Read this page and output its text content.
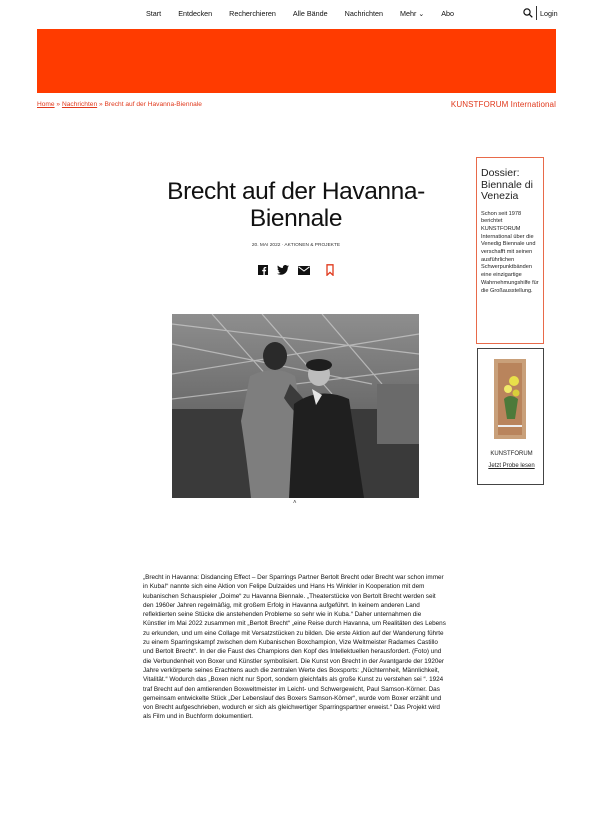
Start Entdecken Recherchieren Alle Bände Nachrichten Mehr ⌄	Abo	Login
Home » Nachrichten » Brecht auf der Havanna-Biennale	KUNSTFORUM International
Brecht auf der Havanna-Biennale
20. MAI 2022 · AKTIONEN & PROJEKTE
˄

„Brecht in Havanna: Disdancing Effect – Der Sparrings Partner Bertolt Brecht oder Brecht war schon immer in Kuba!“ nannte sich eine Aktion von Felipe Dulzaides und Hans Hs Winkler in Kooperation mit dem kubanischen Schauspieler „Doime“ zu Havanna Biennale. „Theaterstücke von Bertolt Brecht werden seit den 1960er Jahren regelmäßig, mit großem Erfolg in Havanna aufgeführt. In keinem anderen Land reflektierten seine Stücke die anstehenden Probleme so sehr wie in Kuba.“ Daher unternahmen die Künstler im Mai 2022 zusammen mit „Bertolt Brecht“ „eine Reise durch Havanna, um Realitäten des Lebens zu erkunden, und um eine Collage mit Versatzstücken zu bilden. Die erste Aktion auf der Wanderung führte zu einem Sparringskampf zwischen dem Kubanischen Boxchampion, Vize Weltmeister Radames Castillo und Bertolt Brecht“. In der die Faust des Champions den Kopf des Intellektuellen herausfordert. (Foto) und die Verbundenheit von Boxer und Künstler symbolisiert. Die Kunst von Brecht in der Avantgarde der 1920er Jahre verkörperte seines Erachtens auch die zentralen Werte des Boxsports: „Nüchternheit, Männlichkeit, Vitalität.“ Wodurch das „Boxen nicht nur Sport, sondern gleichfalls als große Kunst zu verstehen sei “. 1924 traf Brecht auf den amtierenden Boxweltmeister im Leicht- und Schwergewicht, Paul Samson-Körner. Das gemeinsam entwickelte Stück „Der Lebenslauf des Boxers Samson-Körner“, wurde vom Boxer erzählt und von Brecht aufgeschrieben, wodurch er sich als gleichwertiger Sparringspartner erweist.“ Das Projekt wird als Film und in Buchform dokumentiert.

Dossier: Biennale di Venezia
Schon seit 1978 berichtet KUNSTFORUM International über die Venedig Biennale und verschafft mit seinen ausführlichen Schwerpunktbänden eine einzigartige Wahrnehmungshilfe für die Großausstellung.
KUNSTFORUM
Jetzt Probe lesen
